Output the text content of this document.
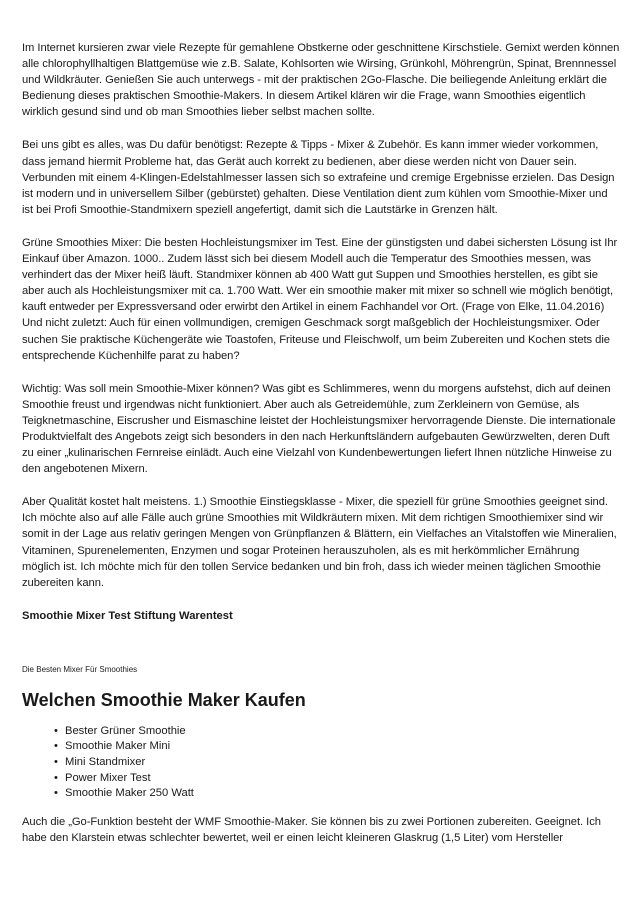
Im Internet kursieren zwar viele Rezepte für gemahlene Obstkerne oder geschnittene Kirschstiele. Gemixt werden können alle chlorophyllhaltigen Blattgemüse wie z.B. Salate, Kohlsorten wie Wirsing, Grünkohl, Möhrengrün, Spinat, Brennnessel und Wildkräuter. Genießen Sie auch unterwegs - mit der praktischen 2Go-Flasche. Die beiliegende Anleitung erklärt die Bedienung dieses praktischen Smoothie-Makers. In diesem Artikel klären wir die Frage, wann Smoothies eigentlich wirklich gesund sind und ob man Smoothies lieber selbst machen sollte.

Bei uns gibt es alles, was Du dafür benötigst: Rezepte & Tipps - Mixer & Zubehör. Es kann immer wieder vorkommen, dass jemand hiermit Probleme hat, das Gerät auch korrekt zu bedienen, aber diese werden nicht von Dauer sein. Verbunden mit einem 4-Klingen-Edelstahlmesser lassen sich so extrafeine und cremige Ergebnisse erzielen. Das Design ist modern und in universellem Silber (gebürstet) gehalten. Diese Ventilation dient zum kühlen vom Smoothie-Mixer und ist bei Profi Smoothie-Standmixern speziell angefertigt, damit sich die Lautstärke in Grenzen hält.

Grüne Smoothies Mixer: Die besten Hochleistungsmixer im Test. Eine der günstigsten und dabei sichersten Lösung ist Ihr Einkauf über Amazon. 1000.. Zudem lässt sich bei diesem Modell auch die Temperatur des Smoothies messen, was verhindert das der Mixer heiß läuft. Standmixer können ab 400 Watt gut Suppen und Smoothies herstellen, es gibt sie aber auch als Hochleistungsmixer mit ca. 1.700 Watt. Wer ein smoothie maker mit mixer so schnell wie möglich benötigt, kauft entweder per Expressversand oder erwirbt den Artikel in einem Fachhandel vor Ort. (Frage von Elke, 11.04.2016) Und nicht zuletzt: Auch für einen vollmundigen, cremigen Geschmack sorgt maßgeblich der Hochleistungsmixer. Oder suchen Sie praktische Küchengeräte wie Toastofen, Friteuse und Fleischwolf, um beim Zubereiten und Kochen stets die entsprechende Küchenhilfe parat zu haben?

Wichtig: Was soll mein Smoothie-Mixer können? Was gibt es Schlimmeres, wenn du morgens aufstehst, dich auf deinen Smoothie freust und irgendwas nicht funktioniert. Aber auch als Getreidemühle, zum Zerkleinern von Gemüse, als Teigknetmaschine, Eiscrusher und Eismaschine leistet der Hochleistungsmixer hervorragende Dienste. Die internationale Produktvielfalt des Angebots zeigt sich besonders in den nach Herkunftsländern aufgebauten Gewürzwelten, deren Duft zu einer „kulinarischen Fernreise einlädt. Auch eine Vielzahl von Kundenbewertungen liefert Ihnen nützliche Hinweise zu den angebotenen Mixern.

Aber Qualität kostet halt meistens. 1.) Smoothie Einstiegsklasse - Mixer, die speziell für grüne Smoothies geeignet sind. Ich möchte also auf alle Fälle auch grüne Smoothies mit Wildkräutern mixen. Mit dem richtigen Smoothiemixer sind wir somit in der Lage aus relativ geringen Mengen von Grünpflanzen & Blättern, ein Vielfaches an Vitalstoffen wie Mineralien, Vitaminen, Spurenelementen, Enzymen und sogar Proteinen herauszuholen, als es mit herkömmlicher Ernährung möglich ist. Ich möchte mich für den tollen Service bedanken und bin froh, dass ich wieder meinen täglichen Smoothie zubereiten kann.

Smoothie Mixer Test Stiftung Warentest

Die Besten Mixer Für Smoothies

Welchen Smoothie Maker Kaufen
• Bester Grüner Smoothie
• Smoothie Maker Mini
• Mini Standmixer
• Power Mixer Test
• Smoothie Maker 250 Watt

Auch die „Go-Funktion besteht der WMF Smoothie-Maker. Sie können bis zu zwei Portionen zubereiten. Geeignet. Ich habe den Klarstein etwas schlechter bewertet, weil er einen leicht kleineren Glaskrug (1,5 Liter) vom Hersteller
